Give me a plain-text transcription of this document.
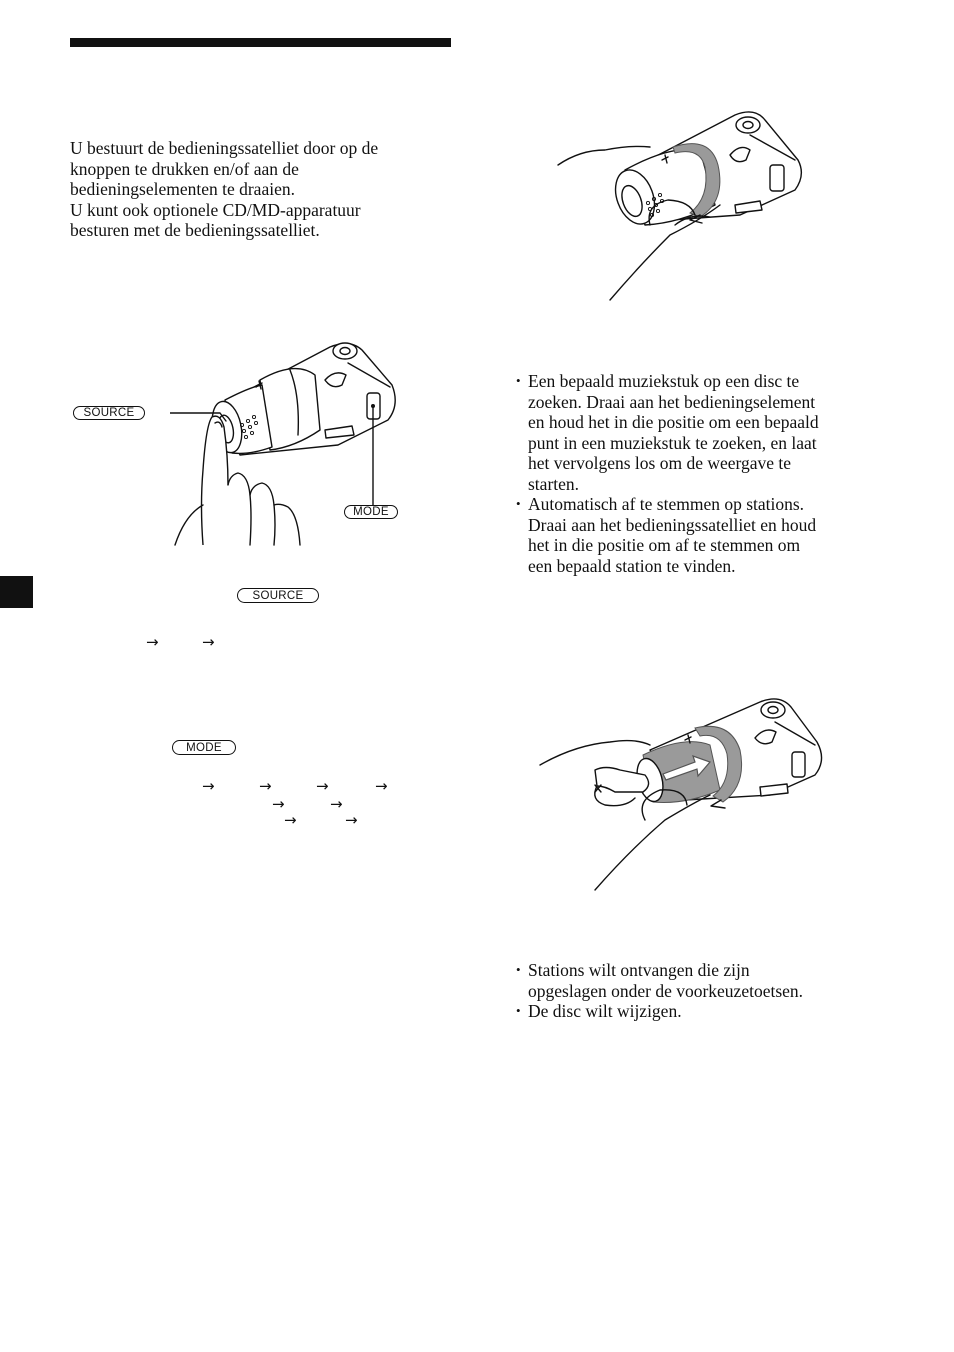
U bestuurt de bedieningssatelliet door op de
knoppen te drukken en/of aan de
bedieningselementen te draaien.
U kunt ook optionele CD/MD-apparatuur
besturen met de bedieningssatelliet.

SOURCE
MODE
SOURCE
→	→
MODE
→	→	→	→
→	→
→	→
• Een bepaald muziekstuk op een disc te
zoeken. Draai aan het bedieningselement
en houd het in die positie om een bepaald
punt in een muziekstuk te zoeken, en laat
het vervolgens los om de weergave te
starten.
• Automatisch af te stemmen op stations.
Draai aan het bedieningssatelliet en houd
het in die positie om af te stemmen om
een bepaald station te vinden.
• Stations wilt ontvangen die zijn
opgeslagen onder de voorkeuzetoetsen.
• De disc wilt wijzigen.
